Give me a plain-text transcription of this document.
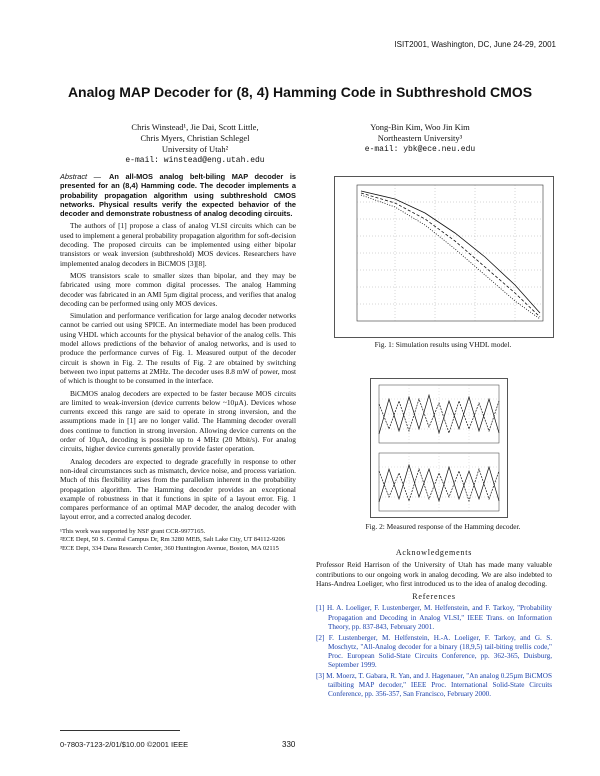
ISIT2001, Washington, DC, June 24-29, 2001
Analog MAP Decoder for (8, 4) Hamming Code in Subthreshold CMOS
Chris Winstead¹, Jie Dai, Scott Little,
Chris Myers, Christian Schlegel
University of Utah²
e-mail: winstead@eng.utah.edu
Yong-Bin Kim, Woo Jin Kim
Northeastern University³
e-mail: ybk@ece.neu.edu

Abstract — An all-MOS analog belt-biling MAP decoder is presented for an (8,4) Hamming code. The decoder implements a probability propagation algorithm using subthreshold CMOS networks. Physical results verify the expected behavior of the decoder and demonstrate robustness of analog decoding circuits.

The authors of [1] propose a class of analog VLSI circuits which can be used to implement a general probability propagation algorithm for soft-decision decoding. The proposed circuits can be implemented using either bipolar transistors or weak inversion (subthreshold) MOS devices. Researchers have implemented analog decoders in BiCMOS [3][8].

MOS transistors scale to smaller sizes than bipolar, and they may be fabricated using more common digital processes. The analog Hamming decoder was fabricated in an AMI 5µm digital process, and verifies that analog decoding can be performed using only MOS devices.

Simulation and performance verification for large analog decoder networks cannot be carried out using SPICE. An intermediate model has been produced using VHDL which accounts for the physical behavior of the analog cells. This model allows predictions of the behavior of analog networks, and is used to produce the performance curves of Fig. 1. Measured output of the decoder circuit is shown in Fig. 2. The results of Fig. 2 are obtained by switching between two input patterns at 2MHz. The decoder uses 8.8 mW of power, most of which is thought to be consumed in the interface.

BiCMOS analog decoders are expected to be faster because MOS circuits are limited to weak-inversion (device currents below ~10µA). Devices whose currents exceed this range are said to operate in strong inversion, and the assumptions made in [1] are no longer valid. The Hamming decoder overall does continue to function in strong inversion. Allowing device currents on the order of 10µA, decoding is possible up to 4 MHz (20 Mbit/s). For analog circuits, higher device currents generally provide faster operation.

Analog decoders are expected to degrade gracefully in response to other non-ideal circumstances such as mismatch, device noise, and process variation. Much of this flexibility arises from the parallelism inherent in the probability propagation algorithm. The Hamming decoder provides an exceptional example of robustness in that it functions in spite of a layout error. Fig. 1 compares performance of an optimal MAP decoder, the analog decoder with layout error, and a corrected analog decoder.

¹This work was supported by NSF grant CCR-9977165.
²ECE Dept, 50 S. Central Campus Dr, Rm 3280 MEB, Salt Lake City, UT 84112-9206
³ECE Dept, 334 Dana Research Center, 360 Huntington Avenue, Boston, MA 02115
Fig. 1: Simulation results using VHDL model.
Fig. 2: Measured response of the Hamming decoder.
Acknowledgements

Professor Reid Harrison of the University of Utah has made many valuable contributions to our ongoing work in analog decoding. We are also indebted to Hans-Andrea Loeliger, who first introduced us to the idea of analog decoding.

References
[1] H. A. Loeliger, F. Lustenberger, M. Helfenstein, and F. Tarkoy, "Probability Propagation and Decoding in Analog VLSI," IEEE Trans. on Information Theory, pp. 837-843, February 2001.
[2] F. Lustenberger, M. Helfenstein, H.-A. Loeliger, F. Tarkoy, and G. S. Moschytz, "All-Analog decoder for a binary (18,9,5) tail-biting trellis code," Proc. European Solid-State Circuits Conference, pp. 362-365, Duisburg, September 1999.
[3] M. Moerz, T. Gabara, R. Yan, and J. Hagenauer, "An analog 0.25µm BiCMOS tailbiting MAP decoder," IEEE Proc. International Solid-State Circuits Conference, pp. 356-357, San Francisco, February 2000.
0-7803-7123-2/01/$10.00 ©2001 IEEE	330
